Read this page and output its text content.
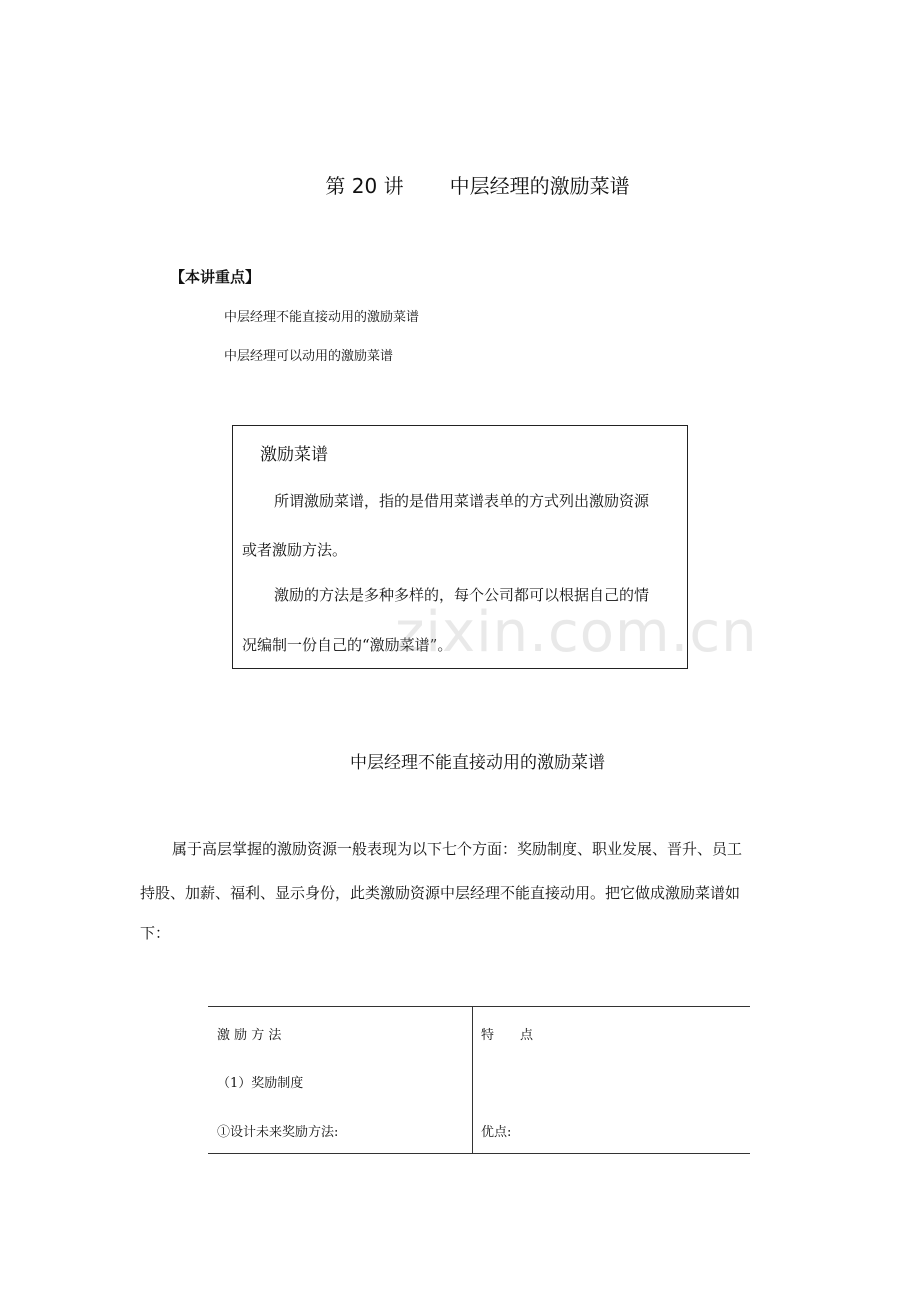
第 20 讲 中层经理的激励菜谱
【本讲重点】
中层经理不能直接动用的激励菜谱
中层经理可以动用的激励菜谱
激励菜谱
所谓激励菜谱，指的是借用菜谱表单的方式列出激励资源
或者激励方法。
激励的方法是多种多样的，每个公司都可以根据自己的情
况编制一份自己的“激励菜谱”。
zixin.com.cn
中层经理不能直接动用的激励菜谱
属于高层掌握的激励资源一般表现为以下七个方面：奖励制度、职业发展、晋升、员工
持股、加薪、福利、显示身份，此类激励资源中层经理不能直接动用。把它做成激励菜谱如
下：
激 励 方 法	特　　点
（1）奖励制度
①设计未来奖励方法:	优点:
